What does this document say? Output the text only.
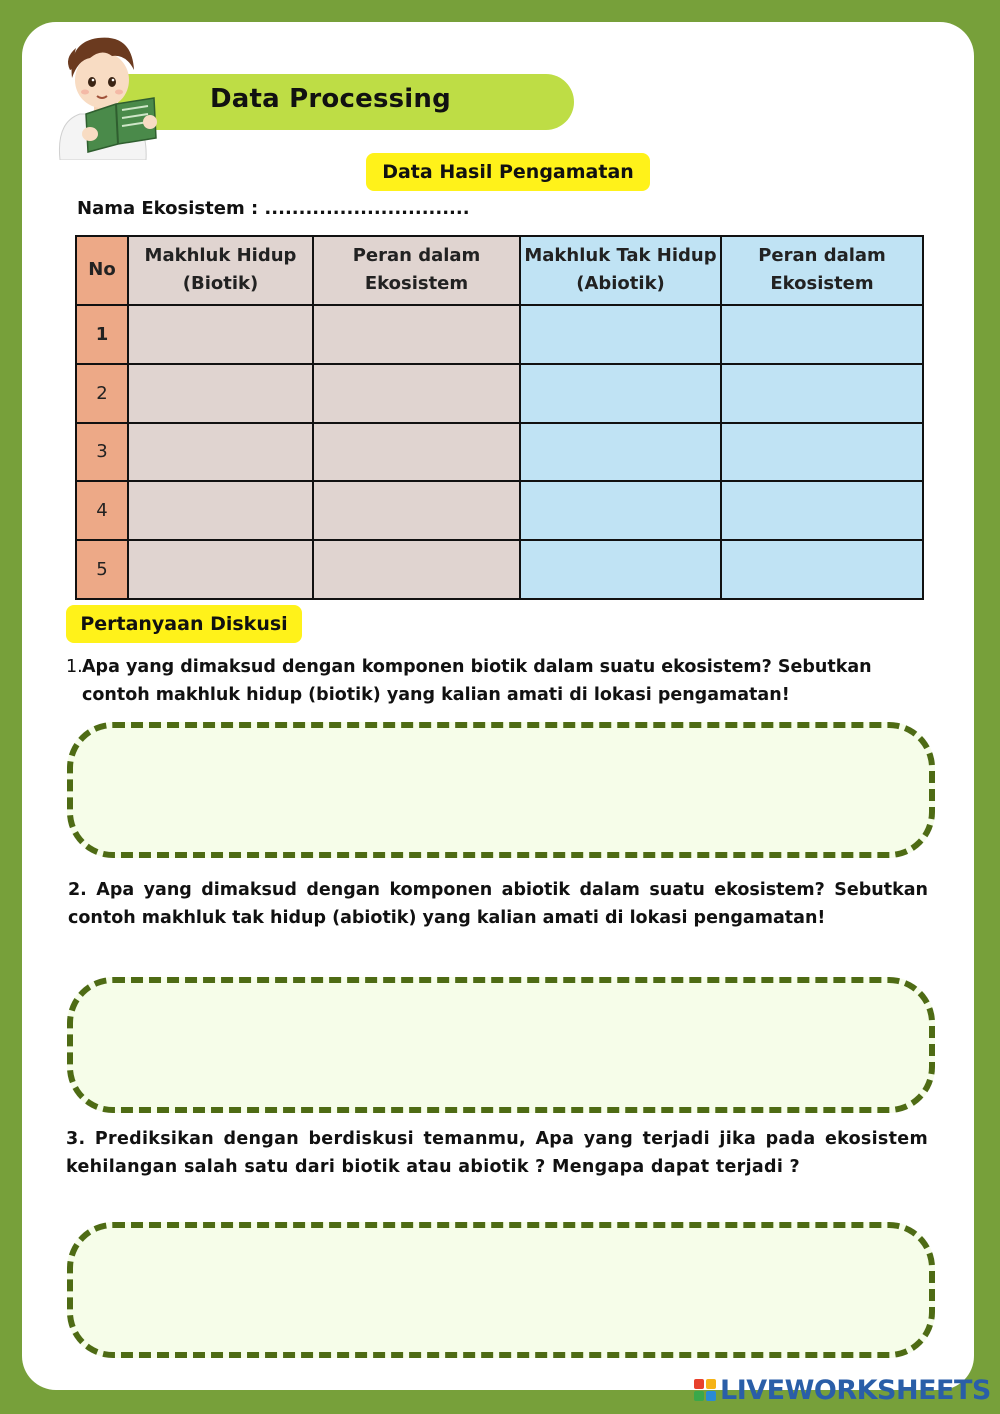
Data Processing
Data Hasil Pengamatan
Nama Ekosistem : ..............................
No	Makhluk Hidup (Biotik)	Peran dalam Ekosistem	Makhluk Tak Hidup (Abiotik)	Peran dalam Ekosistem
1				
2				
3				
4				
5				
Pertanyaan Diskusi
1.Apa yang dimaksud dengan komponen biotik dalam suatu ekosistem? Sebutkan
contoh makhluk hidup (biotik) yang kalian amati di lokasi pengamatan!
2. Apa yang dimaksud dengan komponen abiotik dalam suatu ekosistem? Sebutkan contoh makhluk tak hidup (abiotik) yang kalian amati di lokasi pengamatan!
3. Prediksikan dengan berdiskusi temanmu, Apa yang terjadi jika pada ekosistem kehilangan salah satu dari biotik atau abiotik ? Mengapa dapat terjadi ?
LIVEWORKSHEETS
